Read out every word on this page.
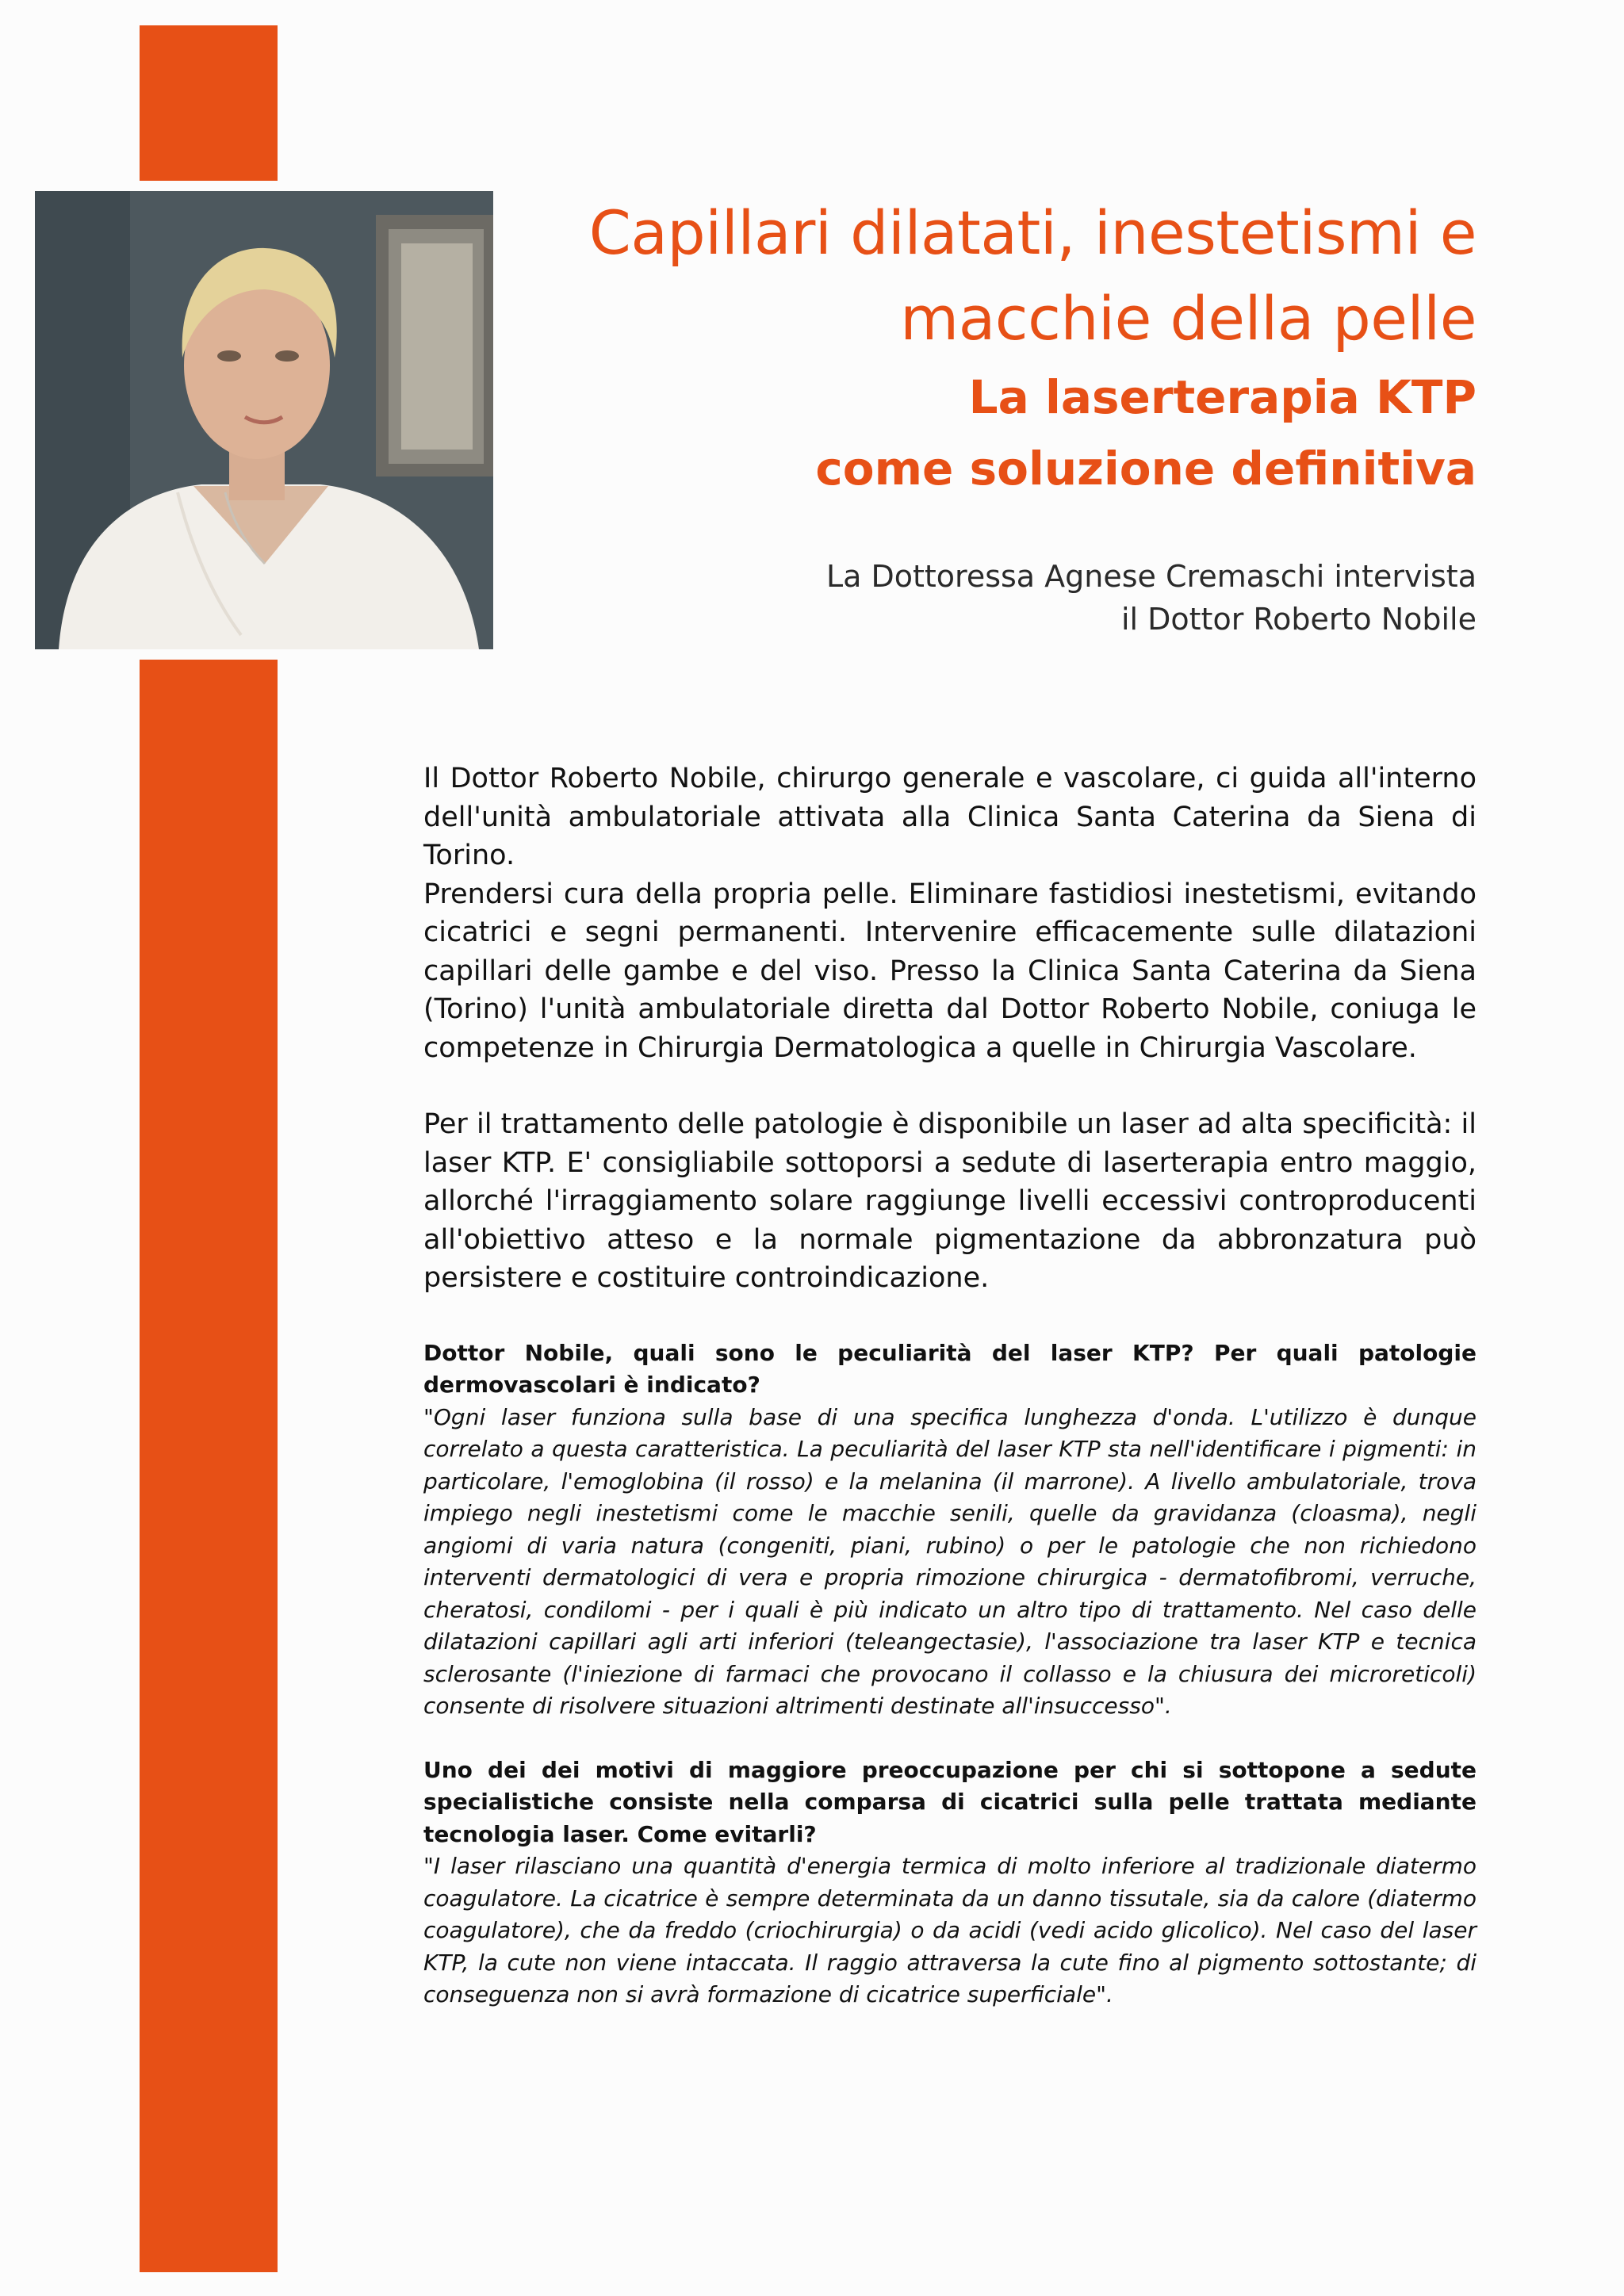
Capillari dilatati, inestetismi e
macchie della pelle
La laserterapia KTP
come soluzione definitiva
La Dottoressa Agnese Cremaschi intervista
il Dottor Roberto Nobile

Il Dottor Roberto Nobile, chirurgo generale e vascolare, ci guida all'interno dell'unità ambulatoriale attivata alla Clinica Santa Caterina da Siena di Torino.

Prendersi cura della propria pelle. Eliminare fastidiosi inestetismi, evitando cicatrici e segni permanenti. Intervenire efficacemente sulle dilatazioni capillari delle gambe e del viso. Presso la Clinica Santa Caterina da Siena (Torino) l'unità ambulatoriale diretta dal Dottor Roberto Nobile, coniuga le competenze in Chirurgia Dermatologica a quelle in Chirurgia Vascolare.

Per il trattamento delle patologie è disponibile un laser ad alta specificità: il laser KTP. E' consigliabile sottoporsi a sedute di laserterapia entro maggio, allorché l'irraggiamento solare raggiunge livelli eccessivi controproducenti all'obiettivo atteso e la normale pigmentazione da abbronzatura può persistere e costituire controindicazione.

Dottor Nobile, quali sono le peculiarità del laser KTP? Per quali patologie dermovascolari è indicato?

"Ogni laser funziona sulla base di una specifica lunghezza d'onda. L'utilizzo è dunque correlato a questa caratteristica. La peculiarità del laser KTP sta nell'identificare i pigmenti: in particolare, l'emoglobina (il rosso) e la melanina (il marrone). A livello ambulatoriale, trova impiego negli inestetismi come le macchie senili, quelle da gravidanza (cloasma), negli angiomi di varia natura (congeniti, piani, rubino) o per le patologie che non richiedono interventi dermatologici di vera e propria rimozione chirurgica - dermatofibromi, verruche, cheratosi, condilomi - per i quali è più indicato un altro tipo di trattamento. Nel caso delle dilatazioni capillari agli arti inferiori (teleangectasie), l'associazione tra laser KTP e tecnica sclerosante (l'iniezione di farmaci che provocano il collasso e la chiusura dei microreticoli) consente di risolvere situazioni altrimenti destinate all'insuccesso".

Uno dei dei motivi di maggiore preoccupazione per chi si sottopone a sedute specialistiche consiste nella comparsa di cicatrici sulla pelle trattata mediante tecnologia laser. Come evitarli?

"I laser rilasciano una quantità d'energia termica di molto inferiore al tradizionale diatermo coagulatore. La cicatrice è sempre determinata da un danno tissutale, sia da calore (diatermo coagulatore), che da freddo (criochirurgia) o da acidi (vedi acido glicolico). Nel caso del laser KTP, la cute non viene intaccata. Il raggio attraversa la cute fino al pigmento sottostante; di conseguenza non si avrà formazione di cicatrice superficiale".
